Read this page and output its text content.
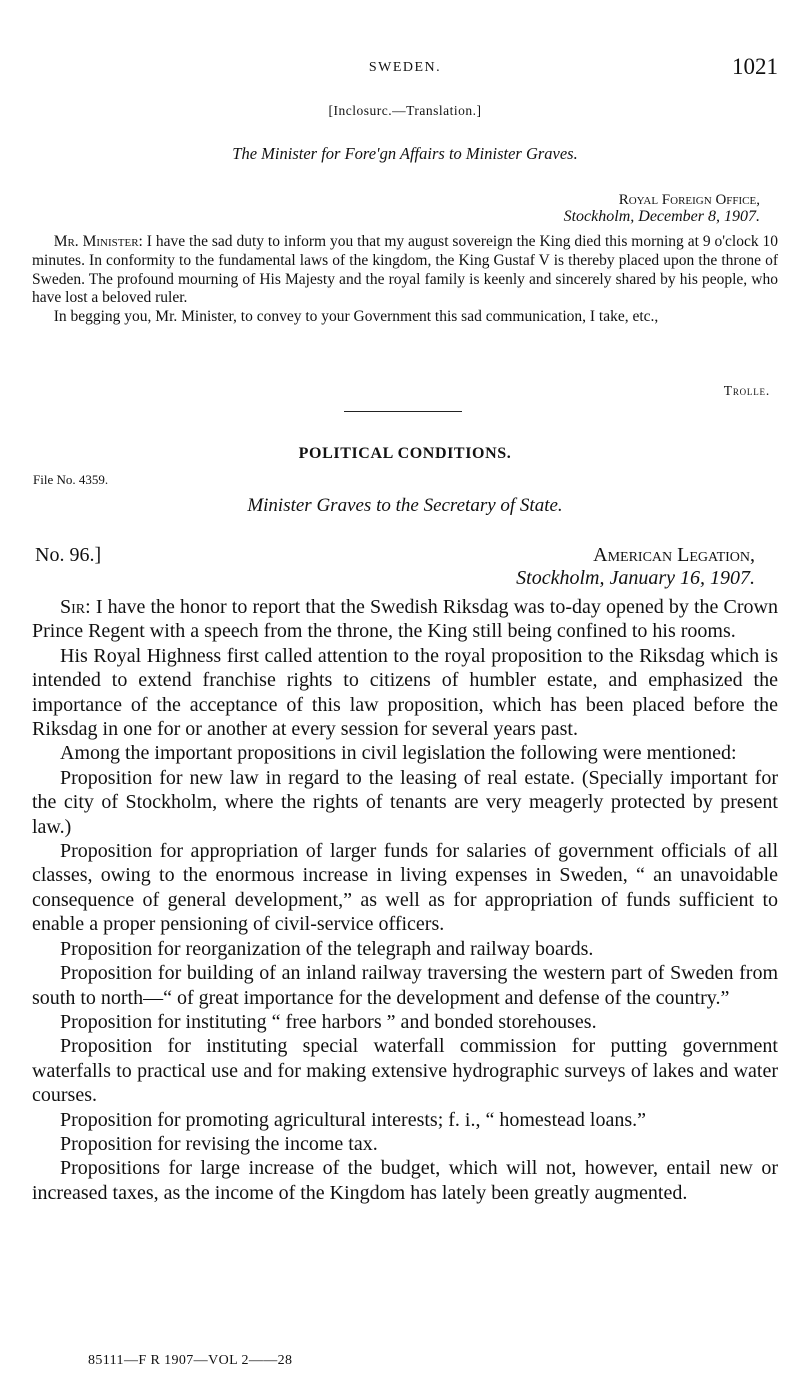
SWEDEN.	1021
[Inclosurc.—Translation.]
The Minister for Fore'gn Affairs to Minister Graves.
Royal Foreign Office,
Stockholm, December 8, 1907.

Mr. Minister: I have the sad duty to inform you that my august sovereign the King died this morning at 9 o'clock 10 minutes. In conformity to the fundamental laws of the kingdom, the King Gustaf V is thereby placed upon the throne of Sweden. The profound mourning of His Majesty and the royal family is keenly and sincerely shared by his people, who have lost a beloved ruler.

In begging you, Mr. Minister, to convey to your Government this sad communication, I take, etc.,

Trolle.
POLITICAL CONDITIONS.
File No. 4359.
Minister Graves to the Secretary of State.
No. 96.]	American Legation,
Stockholm, January 16, 1907.

Sir: I have the honor to report that the Swedish Riksdag was to-day opened by the Crown Prince Regent with a speech from the throne, the King still being confined to his rooms.

His Royal Highness first called attention to the royal proposition to the Riksdag which is intended to extend franchise rights to citizens of humbler estate, and emphasized the importance of the acceptance of this law proposition, which has been placed before the Riksdag in one for or another at every session for several years past.

Among the important propositions in civil legislation the following were mentioned:

Proposition for new law in regard to the leasing of real estate. (Specially important for the city of Stockholm, where the rights of tenants are very meagerly protected by present law.)

Proposition for appropriation of larger funds for salaries of government officials of all classes, owing to the enormous increase in living expenses in Sweden, “ an unavoidable consequence of general development,” as well as for appropriation of funds sufficient to enable a proper pensioning of civil-service officers.

Proposition for reorganization of the telegraph and railway boards.

Proposition for building of an inland railway traversing the western part of Sweden from south to north—“ of great importance for the development and defense of the country.”

Proposition for instituting “ free harbors ” and bonded storehouses.

Proposition for instituting special waterfall commission for putting government waterfalls to practical use and for making extensive hydrographic surveys of lakes and water courses.

Proposition for promoting agricultural interests; f. i., “ homestead loans.”

Proposition for revising the income tax.

Propositions for large increase of the budget, which will not, however, entail new or increased taxes, as the income of the Kingdom has lately been greatly augmented.

85111—F R 1907—VOL 2——28
